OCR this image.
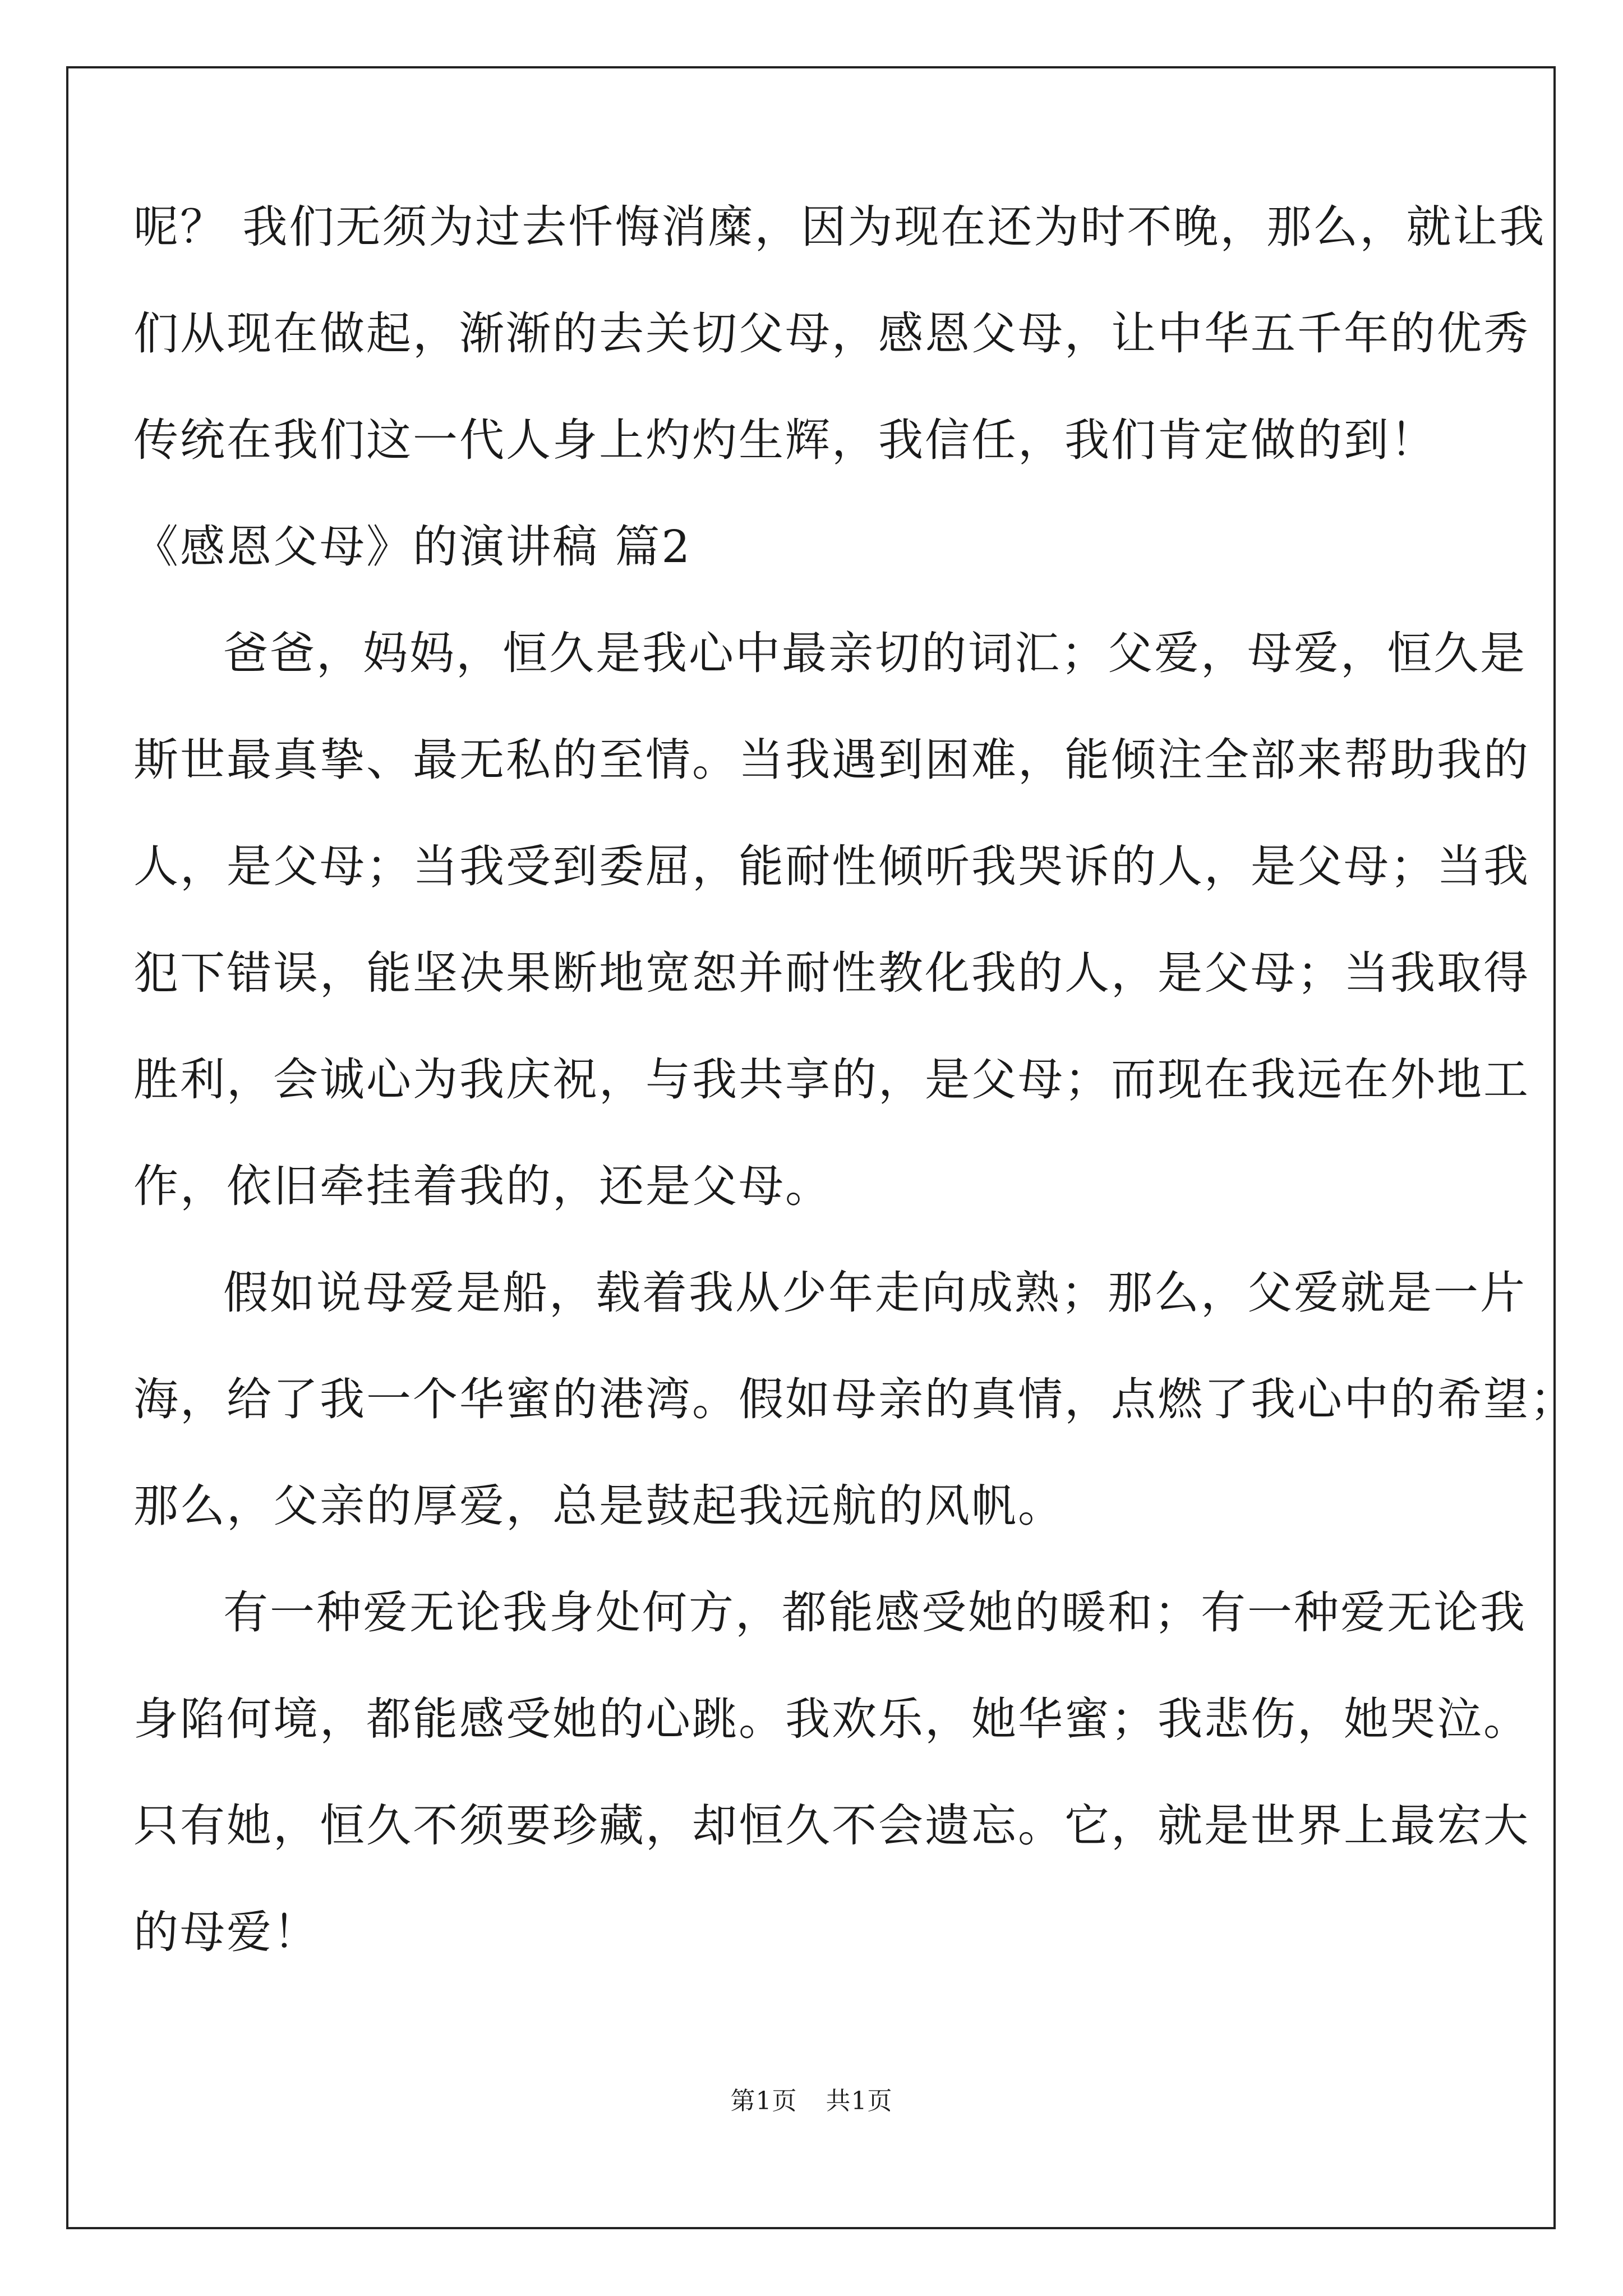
呢？ 我们无须为过去忏悔消糜，因为现在还为时不晚，那么，就让我
们从现在做起，渐渐的去关切父母，感恩父母，让中华五千年的优秀
传统在我们这一代人身上灼灼生辉，我信任，我们肯定做的到！
《感恩父母》的演讲稿 篇2
爸爸，妈妈，恒久是我心中最亲切的词汇；父爱，母爱，恒久是
斯世最真挚、最无私的至情。当我遇到困难，能倾注全部来帮助我的
人，是父母；当我受到委屈，能耐性倾听我哭诉的人，是父母；当我
犯下错误，能坚决果断地宽恕并耐性教化我的人，是父母；当我取得
胜利，会诚心为我庆祝，与我共享的，是父母；而现在我远在外地工
作，依旧牵挂着我的，还是父母。
假如说母爱是船，载着我从少年走向成熟；那么，父爱就是一片
海，给了我一个华蜜的港湾。假如母亲的真情，点燃了我心中的希望；
那么，父亲的厚爱，总是鼓起我远航的风帆。
有一种爱无论我身处何方，都能感受她的暖和；有一种爱无论我
身陷何境，都能感受她的心跳。我欢乐，她华蜜；我悲伤，她哭泣。
只有她，恒久不须要珍藏，却恒久不会遗忘。它，就是世界上最宏大
的母爱！
第1页 共1页
